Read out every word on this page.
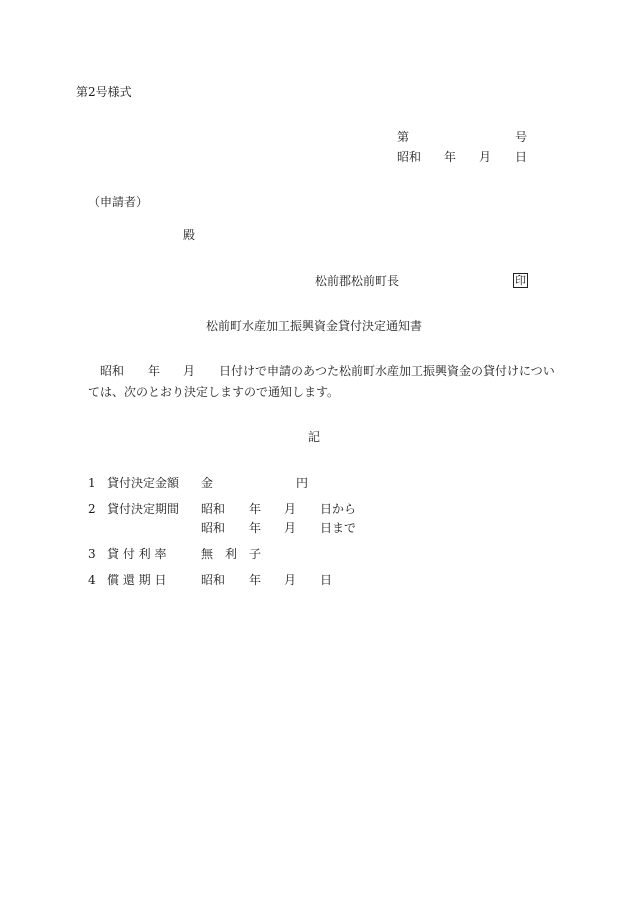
第2号様式
第	号
昭和 年 月 日
（申請者）
殿
松前郡松前町長	印
松前町水産加工振興資金貸付決定通知書
昭和 年 月 日付けで申請のあつた松前町水産加工振興資金の貸付けについ
ては、次のとおり決定しますので通知します。
記
1 貸付決定金額 金	円
2 貸付決定期間 昭和 年 月 日から
昭和 年 月 日まで
3 貸 付 利 率	無　利　子
4 償 還 期 日	昭和 年 月 日
